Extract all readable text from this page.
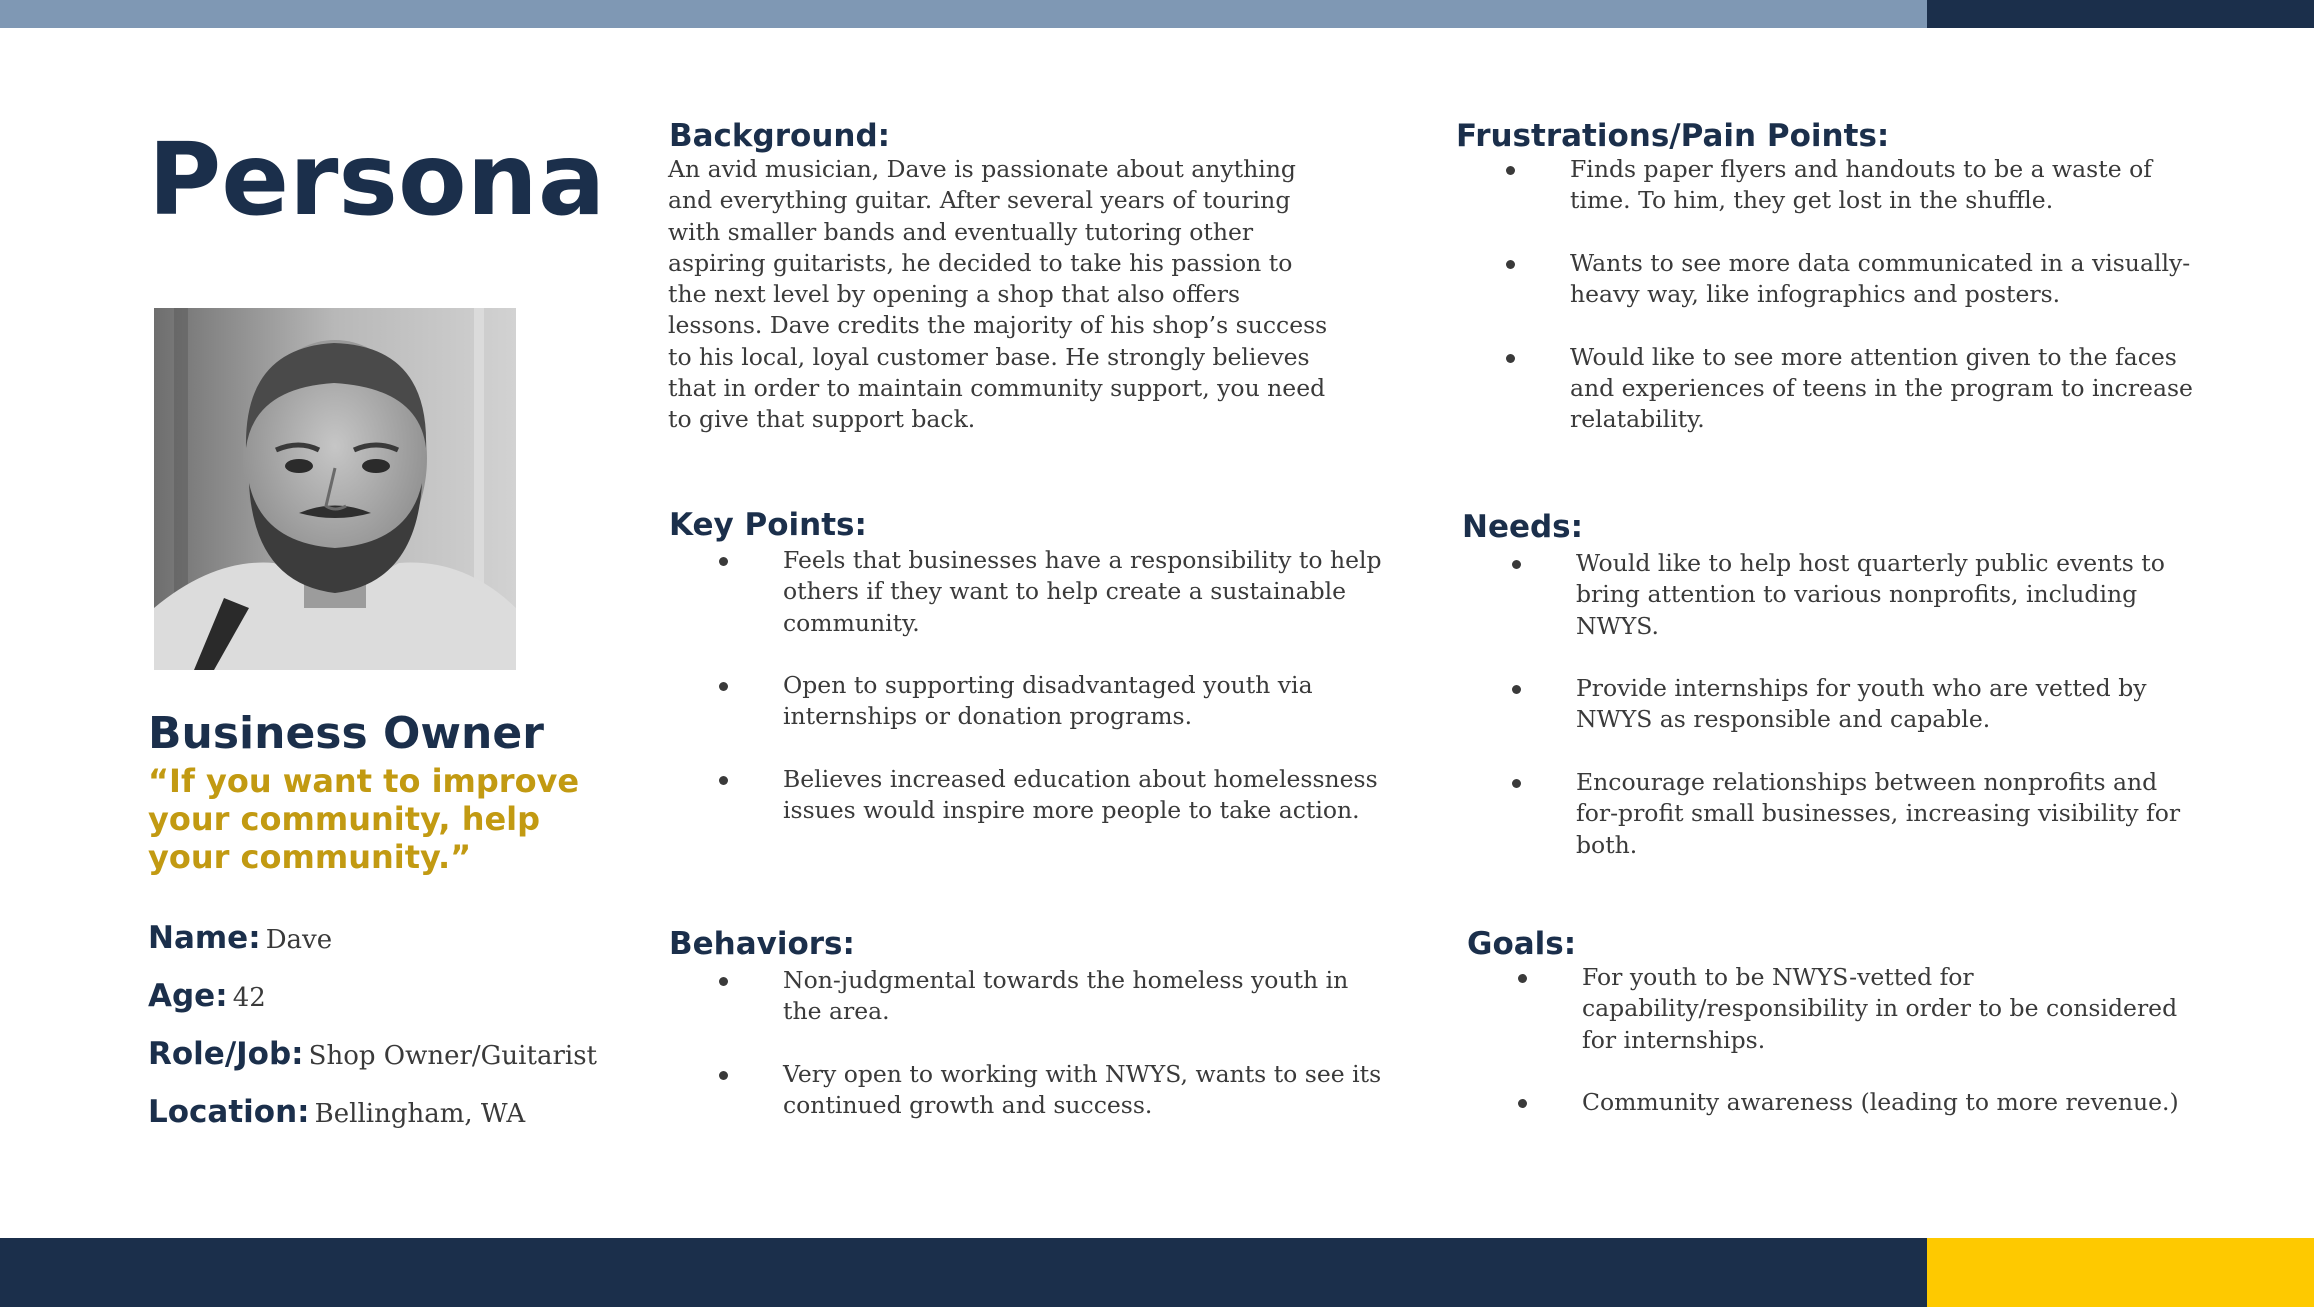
Persona
Business Owner

“If you want to improve your community, help your community.”

Name: Dave
Age: 42
Role/Job: Shop Owner/Guitarist
Location: Bellingham, WA
Background:

An avid musician, Dave is passionate about anything and everything guitar. After several years of touring with smaller bands and eventually tutoring other aspiring guitarists, he decided to take his passion to the next level by opening a shop that also offers lessons. Dave credits the majority of his shop’s success to his local, loyal customer base. He strongly believes that in order to maintain community support, you need to give that support back.

Key Points:
Feels that businesses have a responsibility to help others if they want to help create a sustainable community.
Open to supporting disadvantaged youth via internships or donation programs.
Believes increased education about homelessness issues would inspire more people to take action.
Behaviors:
Non-judgmental towards the homeless youth in the area.
Very open to working with NWYS, wants to see its continued growth and success.
Frustrations/Pain Points:
Finds paper flyers and handouts to be a waste of time. To him, they get lost in the shuffle.
Wants to see more data communicated in a visually-heavy way, like infographics and posters.
Would like to see more attention given to the faces and experiences of teens in the program to increase relatability.
Needs:
Would like to help host quarterly public events to bring attention to various nonprofits, including NWYS.
Provide internships for youth who are vetted by NWYS as responsible and capable.
Encourage relationships between nonprofits and for-profit small businesses, increasing visibility for both.
Goals:
For youth to be NWYS-vetted for capability/responsibility in order to be considered for internships.
Community awareness (leading to more revenue.)
